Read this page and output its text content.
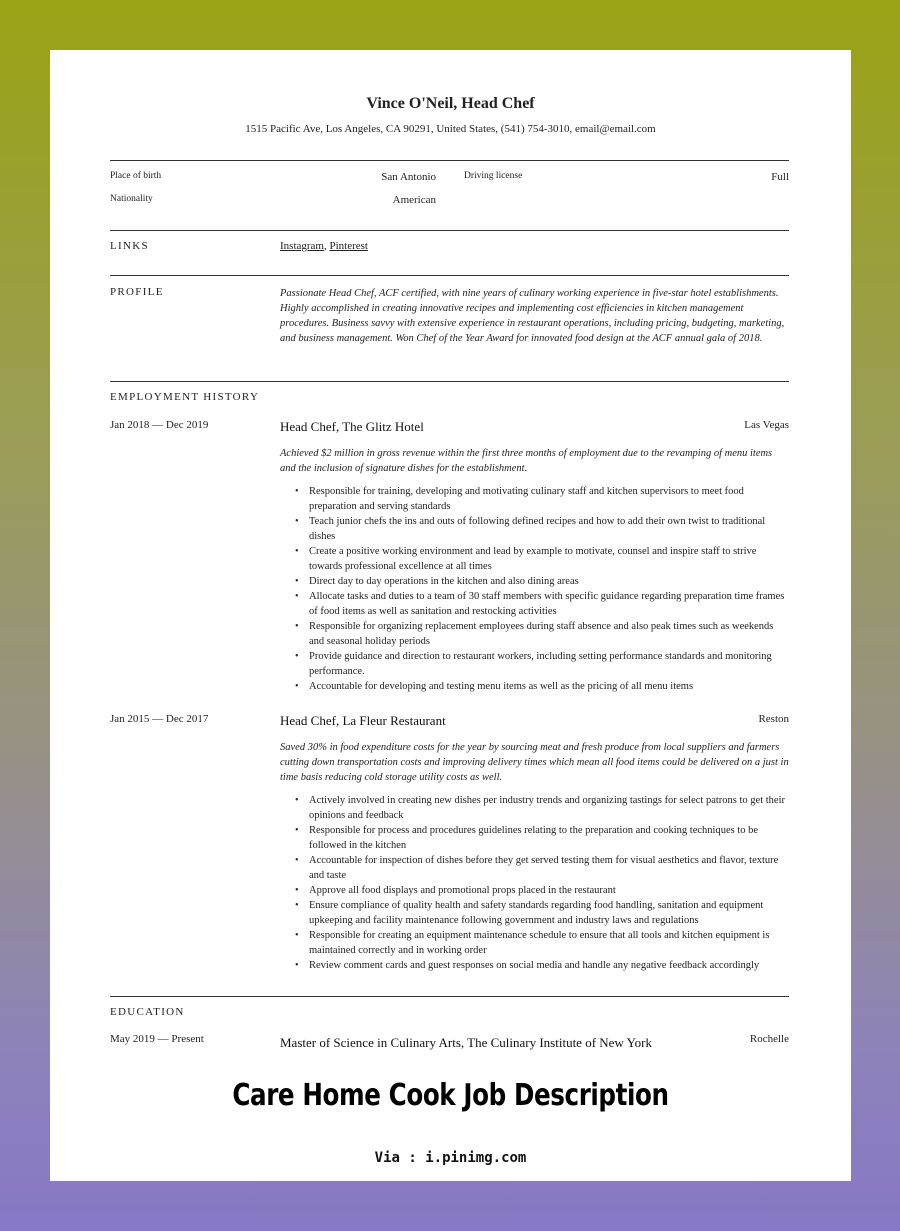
Vince O'Neil, Head Chef
1515 Pacific Ave, Los Angeles, CA 90291, United States, (541) 754-3010, email@email.com
Place of birth	San Antonio	Driving license	Full
Nationality	American
LINKS	Instagram, Pinterest
PROFILE	Passionate Head Chef, ACF certified, with nine years of culinary working experience in five-star hotel establishments. Highly accomplished in creating innovative recipes and implementing cost efficiencies in kitchen management procedures. Business savvy with extensive experience in restaurant operations, including pricing, budgeting, marketing, and business management. Won Chef of the Year Award for innovated food design at the ACF annual gala of 2018.
EMPLOYMENT HISTORY
Jan 2018 — Dec 2019	Head Chef, The Glitz Hotel	Las Vegas
Achieved $2 million in gross revenue within the first three months of employment due to the revamping of menu items and the inclusion of signature dishes for the establishment.
• Responsible for training, developing and motivating culinary staff and kitchen supervisors to meet food preparation and serving standards
• Teach junior chefs the ins and outs of following defined recipes and how to add their own twist to traditional dishes
• Create a positive working environment and lead by example to motivate, counsel and inspire staff to strive towards professional excellence at all times
• Direct day to day operations in the kitchen and also dining areas
• Allocate tasks and duties to a team of 30 staff members with specific guidance regarding preparation time frames of food items as well as sanitation and restocking activities
• Responsible for organizing replacement employees during staff absence and also peak times such as weekends and seasonal holiday periods
• Provide guidance and direction to restaurant workers, including setting performance standards and monitoring performance.
• Accountable for developing and testing menu items as well as the pricing of all menu items
Jan 2015 — Dec 2017	Head Chef, La Fleur Restaurant	Reston
Saved 30% in food expenditure costs for the year by sourcing meat and fresh produce from local suppliers and farmers cutting down transportation costs and improving delivery times which mean all food items could be delivered on a just in time basis reducing cold storage utility costs as well.
• Actively involved in creating new dishes per industry trends and organizing tastings for select patrons to get their opinions and feedback
• Responsible for process and procedures guidelines relating to the preparation and cooking techniques to be followed in the kitchen
• Accountable for inspection of dishes before they get served testing them for visual aesthetics and flavor, texture and taste
• Approve all food displays and promotional props placed in the restaurant
• Ensure compliance of quality health and safety standards regarding food handling, sanitation and equipment upkeeping and facility maintenance following government and industry laws and regulations
• Responsible for creating an equipment maintenance schedule to ensure that all tools and kitchen equipment is maintained correctly and in working order
• Review comment cards and guest responses on social media and handle any negative feedback accordingly
EDUCATION
May 2019 — Present	Master of Science in Culinary Arts, The Culinary Institute of New York	Rochelle
Care Home Cook Job Description
Via : i.pinimg.com
